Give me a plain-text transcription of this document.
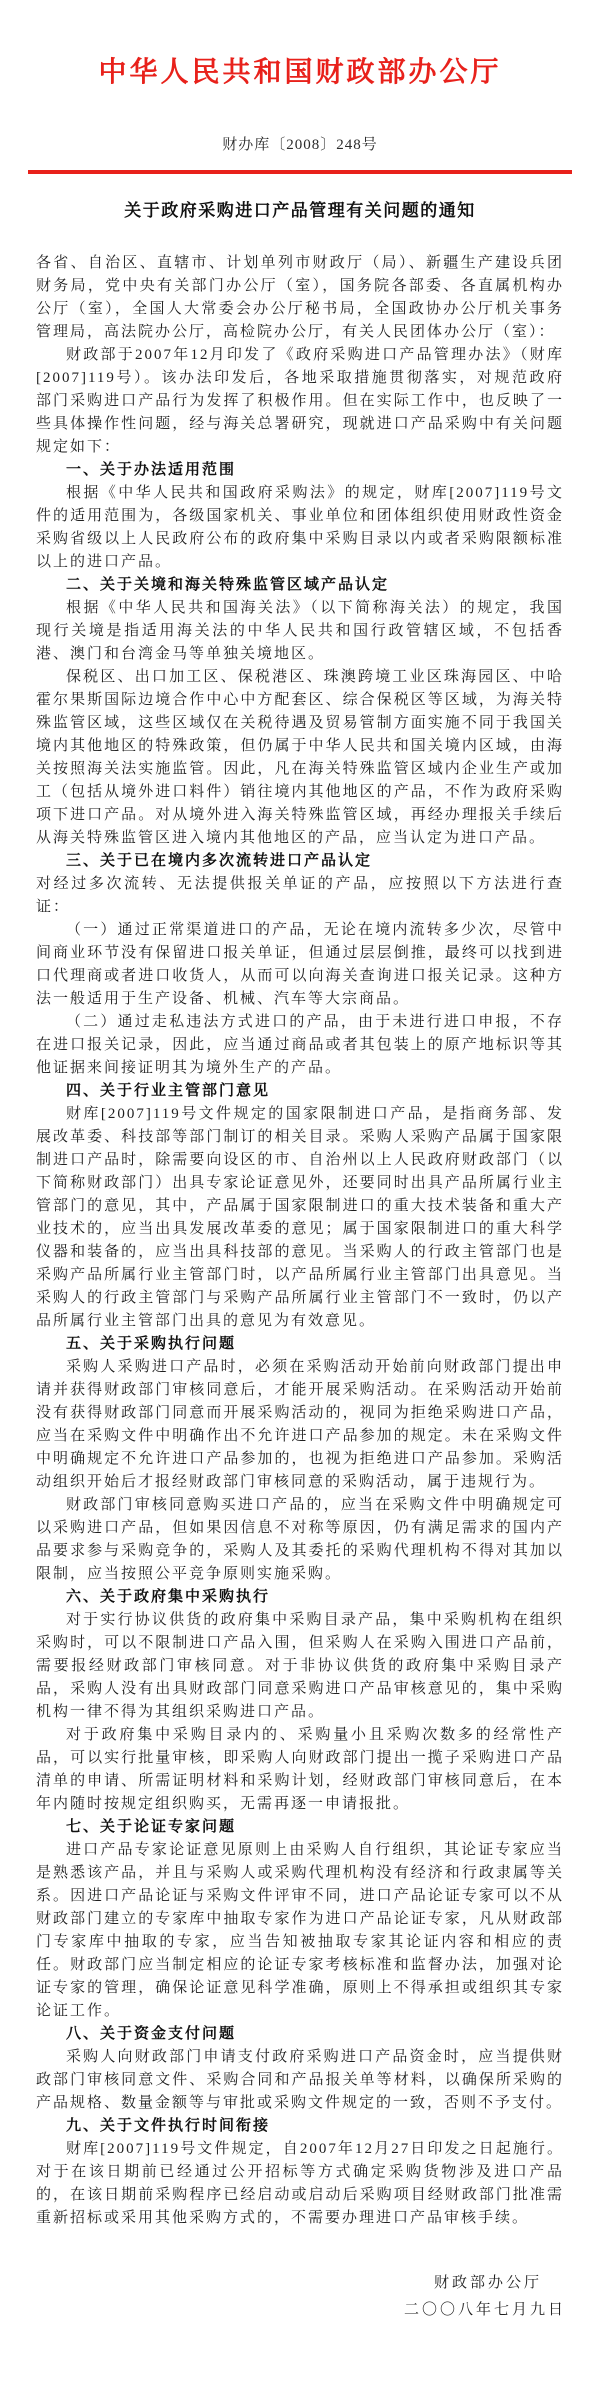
中华人民共和国财政部办公厅
财办库〔2008〕248号
关于政府采购进口产品管理有关问题的通知

各省、自治区、直辖市、计划单列市财政厅（局）、新疆生产建设兵团财务局，党中央有关部门办公厅（室），国务院各部委、各直属机构办公厅（室），全国人大常委会办公厅秘书局，全国政协办公厅机关事务管理局，高法院办公厅，高检院办公厅，有关人民团体办公厅（室）：

财政部于2007年12月印发了《政府采购进口产品管理办法》（财库[2007]119号）。该办法印发后，各地采取措施贯彻落实，对规范政府部门采购进口产品行为发挥了积极作用。但在实际工作中，也反映了一些具体操作性问题，经与海关总署研究，现就进口产品采购中有关问题规定如下：

一、关于办法适用范围

根据《中华人民共和国政府采购法》的规定，财库[2007]119号文件的适用范围为，各级国家机关、事业单位和团体组织使用财政性资金采购省级以上人民政府公布的政府集中采购目录以内或者采购限额标准以上的进口产品。

二、关于关境和海关特殊监管区域产品认定

根据《中华人民共和国海关法》（以下简称海关法）的规定，我国现行关境是指适用海关法的中华人民共和国行政管辖区域，不包括香港、澳门和台湾金马等单独关境地区。

保税区、出口加工区、保税港区、珠澳跨境工业区珠海园区、中哈霍尔果斯国际边境合作中心中方配套区、综合保税区等区域，为海关特殊监管区域，这些区域仅在关税待遇及贸易管制方面实施不同于我国关境内其他地区的特殊政策，但仍属于中华人民共和国关境内区域，由海关按照海关法实施监管。因此，凡在海关特殊监管区域内企业生产或加工（包括从境外进口料件）销往境内其他地区的产品，不作为政府采购项下进口产品。对从境外进入海关特殊监管区域，再经办理报关手续后从海关特殊监管区进入境内其他地区的产品，应当认定为进口产品。

三、关于已在境内多次流转进口产品认定

对经过多次流转、无法提供报关单证的产品，应按照以下方法进行查证：

（一）通过正常渠道进口的产品，无论在境内流转多少次，尽管中间商业环节没有保留进口报关单证，但通过层层倒推，最终可以找到进口代理商或者进口收货人，从而可以向海关查询进口报关记录。这种方法一般适用于生产设备、机械、汽车等大宗商品。

（二）通过走私违法方式进口的产品，由于未进行进口申报，不存在进口报关记录，因此，应当通过商品或者其包装上的原产地标识等其他证据来间接证明其为境外生产的产品。

四、关于行业主管部门意见

财库[2007]119号文件规定的国家限制进口产品，是指商务部、发展改革委、科技部等部门制订的相关目录。采购人采购产品属于国家限制进口产品时，除需要向设区的市、自治州以上人民政府财政部门（以下简称财政部门）出具专家论证意见外，还要同时出具产品所属行业主管部门的意见，其中，产品属于国家限制进口的重大技术装备和重大产业技术的，应当出具发展改革委的意见；属于国家限制进口的重大科学仪器和装备的，应当出具科技部的意见。当采购人的行政主管部门也是采购产品所属行业主管部门时，以产品所属行业主管部门出具意见。当采购人的行政主管部门与采购产品所属行业主管部门不一致时，仍以产品所属行业主管部门出具的意见为有效意见。

五、关于采购执行问题

采购人采购进口产品时，必须在采购活动开始前向财政部门提出申请并获得财政部门审核同意后，才能开展采购活动。在采购活动开始前没有获得财政部门同意而开展采购活动的，视同为拒绝采购进口产品，应当在采购文件中明确作出不允许进口产品参加的规定。未在采购文件中明确规定不允许进口产品参加的，也视为拒绝进口产品参加。采购活动组织开始后才报经财政部门审核同意的采购活动，属于违规行为。

财政部门审核同意购买进口产品的，应当在采购文件中明确规定可以采购进口产品，但如果因信息不对称等原因，仍有满足需求的国内产品要求参与采购竞争的，采购人及其委托的采购代理机构不得对其加以限制，应当按照公平竞争原则实施采购。

六、关于政府集中采购执行

对于实行协议供货的政府集中采购目录产品，集中采购机构在组织采购时，可以不限制进口产品入围，但采购人在采购入围进口产品前，需要报经财政部门审核同意。对于非协议供货的政府集中采购目录产品，采购人没有出具财政部门同意采购进口产品审核意见的，集中采购机构一律不得为其组织采购进口产品。

对于政府集中采购目录内的、采购量小且采购次数多的经常性产品，可以实行批量审核，即采购人向财政部门提出一揽子采购进口产品清单的申请、所需证明材料和采购计划，经财政部门审核同意后，在本年内随时按规定组织购买，无需再逐一申请报批。

七、关于论证专家问题

进口产品专家论证意见原则上由采购人自行组织，其论证专家应当是熟悉该产品，并且与采购人或采购代理机构没有经济和行政隶属等关系。因进口产品论证与采购文件评审不同，进口产品论证专家可以不从财政部门建立的专家库中抽取专家作为进口产品论证专家，凡从财政部门专家库中抽取的专家，应当告知被抽取专家其论证内容和相应的责任。财政部门应当制定相应的论证专家考核标准和监督办法，加强对论证专家的管理，确保论证意见科学准确，原则上不得承担或组织其专家论证工作。

八、关于资金支付问题

采购人向财政部门申请支付政府采购进口产品资金时，应当提供财政部门审核同意文件、采购合同和产品报关单等材料，以确保所采购的产品规格、数量金额等与审批或采购文件规定的一致，否则不予支付。

九、关于文件执行时间衔接

财库[2007]119号文件规定，自2007年12月27日印发之日起施行。对于在该日期前已经通过公开招标等方式确定采购货物涉及进口产品的，在该日期前采购程序已经启动或启动后采购项目经财政部门批准需重新招标或采用其他采购方式的，不需要办理进口产品审核手续。

财政部办公厅
二〇〇八年七月九日
